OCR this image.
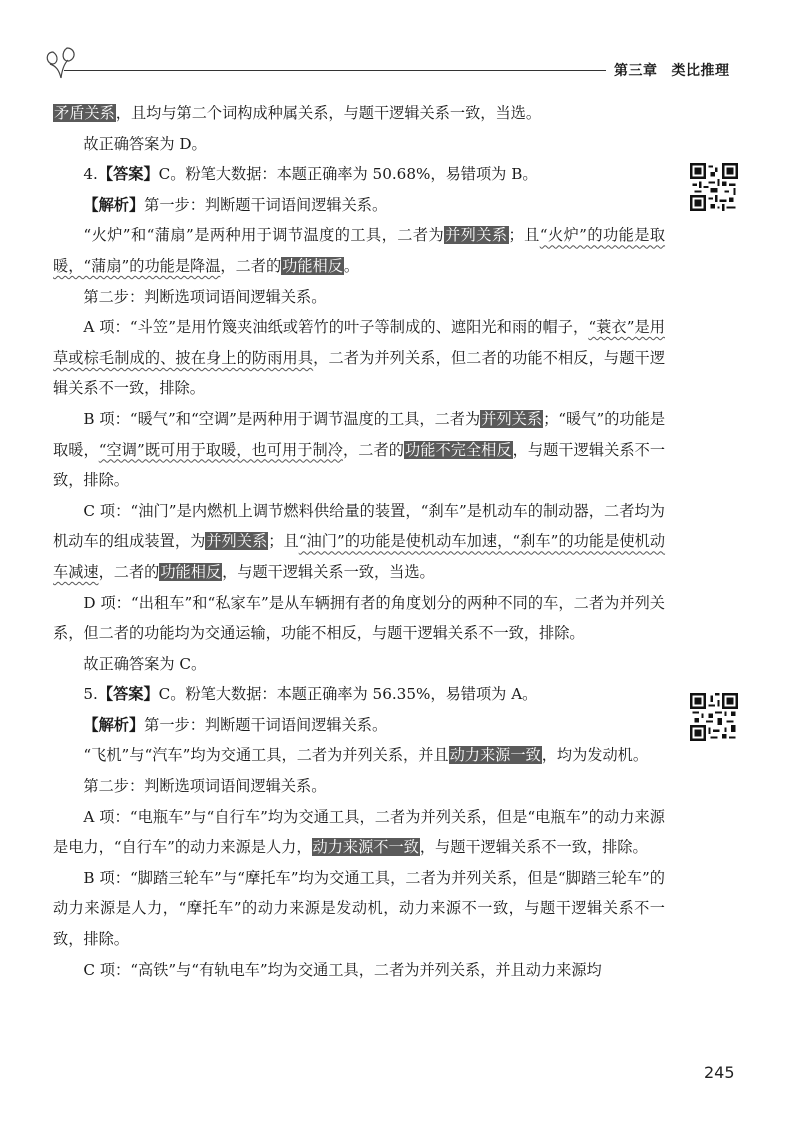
第三章 类比推理

矛盾关系，且均与第二个词构成种属关系，与题干逻辑关系一致，当选。

故正确答案为 D。

4.【答案】C。粉笔大数据：本题正确率为 50.68%，易错项为 B。

【解析】第一步：判断题干词语间逻辑关系。

“火炉”和“蒲扇”是两种用于调节温度的工具，二者为并列关系；且“火炉”的功能是取暖，“蒲扇”的功能是降温，二者的功能相反。

第二步：判断选项词语间逻辑关系。

A 项：“斗笠”是用竹篾夹油纸或箬竹的叶子等制成的、遮阳光和雨的帽子，“蓑衣”是用草或棕毛制成的、披在身上的防雨用具，二者为并列关系，但二者的功能不相反，与题干逻辑关系不一致，排除。

B 项：“暖气”和“空调”是两种用于调节温度的工具，二者为并列关系；“暖气”的功能是取暖，“空调”既可用于取暖，也可用于制冷，二者的功能不完全相反，与题干逻辑关系不一致，排除。

C 项：“油门”是内燃机上调节燃料供给量的装置，“刹车”是机动车的制动器，二者均为机动车的组成装置，为并列关系；且“油门”的功能是使机动车加速，“刹车”的功能是使机动车减速，二者的功能相反，与题干逻辑关系一致，当选。

D 项：“出租车”和“私家车”是从车辆拥有者的角度划分的两种不同的车，二者为并列关系，但二者的功能均为交通运输，功能不相反，与题干逻辑关系不一致，排除。

故正确答案为 C。

5.【答案】C。粉笔大数据：本题正确率为 56.35%，易错项为 A。

【解析】第一步：判断题干词语间逻辑关系。

“飞机”与“汽车”均为交通工具，二者为并列关系，并且动力来源一致，均为发动机。

第二步：判断选项词语间逻辑关系。

A 项：“电瓶车”与“自行车”均为交通工具，二者为并列关系，但是“电瓶车”的动力来源是电力，“自行车”的动力来源是人力，动力来源不一致，与题干逻辑关系不一致，排除。

B 项：“脚踏三轮车”与“摩托车”均为交通工具，二者为并列关系，但是“脚踏三轮车”的动力来源是人力，“摩托车”的动力来源是发动机，动力来源不一致，与题干逻辑关系不一致，排除。

C 项：“高铁”与“有轨电车”均为交通工具，二者为并列关系，并且动力来源均

245
